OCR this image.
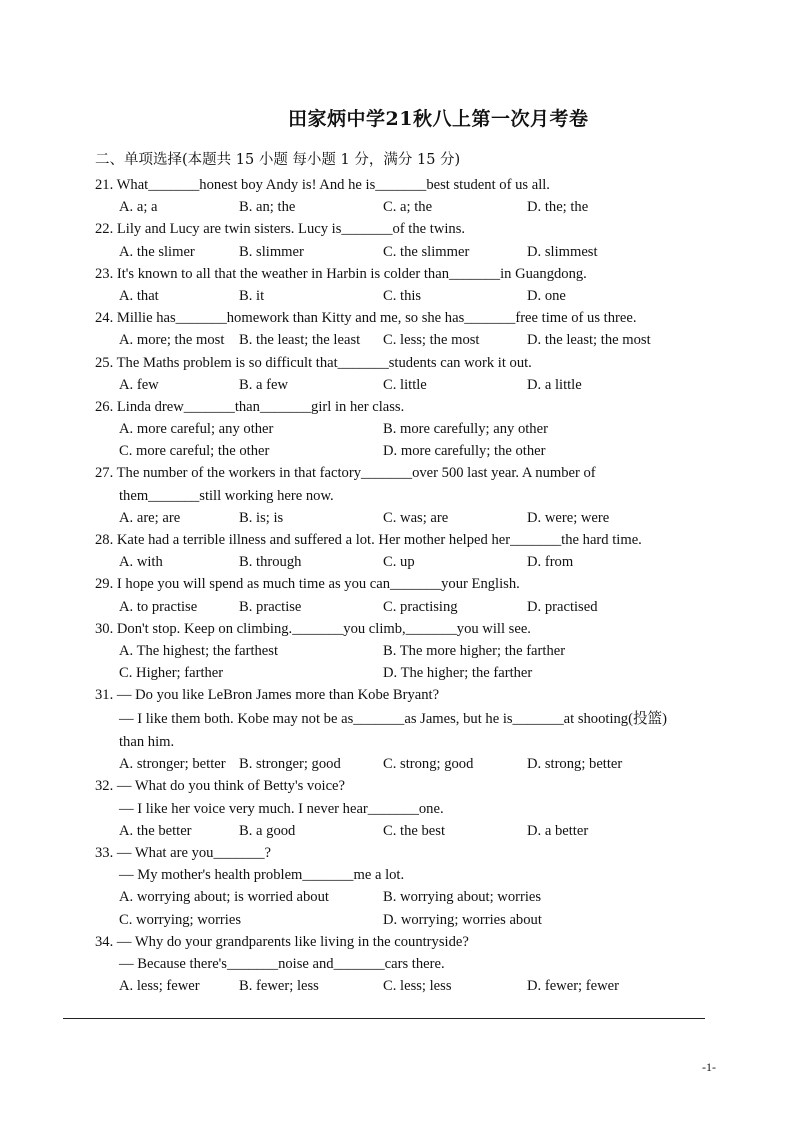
田家炳中学21秋八上第一次月考卷
二、单项选择(本题共 15 小题 每小题 1 分，满分 15 分)
21. What_______honest boy Andy is! And he is_______best student of us all.
A. a; a	B. an; the	C. a; the	D. the; the
22. Lily and Lucy are twin sisters. Lucy is_______of the twins.
A. the slimer	B. slimmer	C. the slimmer	D. slimmest
23. It's known to all that the weather in Harbin is colder than_______in Guangdong.
A. that	B. it	C. this	D. one
24. Millie has_______homework than Kitty and me, so she has_______free time of us three.
A. more; the most B. the least; the least C. less; the most	D. the least; the most
25. The Maths problem is so difficult that_______students can work it out.
A. few	B. a few	C. little	D. a little
26. Linda drew_______than_______girl in her class.
A. more careful; any other	B. more carefully; any other
C. more careful; the other	D. more carefully; the other
27. The number of the workers in that factory_______over 500 last year. A number of
them_______still working here now.
A. are; are	B. is; is	C. was; are	D. were; were
28. Kate had a terrible illness and suffered a lot. Her mother helped her_______the hard time.
A. with	B. through	C. up	D. from
29. I hope you will spend as much time as you can_______your English.
A. to practise	B. practise	C. practising	D. practised
30. Don't stop. Keep on climbing._______you climb,_______you will see.
A. The highest; the farthest	B. The more higher; the farther
C. Higher; farther	D. The higher; the farther
31. — Do you like LeBron James more than Kobe Bryant?
— I like them both. Kobe may not be as_______as James, but he is_______at shooting(投篮)
than him.
A. stronger; better B. stronger; good	C. strong; good	D. strong; better
32. — What do you think of Betty's voice?
— I like her voice very much. I never hear_______one.
A. the better	B. a good	C. the best	D. a better
33. — What are you_______?
— My mother's health problem_______me a lot.
A. worrying about; is worried about	B. worrying about; worries
C. worrying; worries	D. worrying; worries about
34. — Why do your grandparents like living in the countryside?
— Because there's_______noise and_______cars there.
A. less; fewer	B. fewer; less	C. less; less	D. fewer; fewer
-1-
